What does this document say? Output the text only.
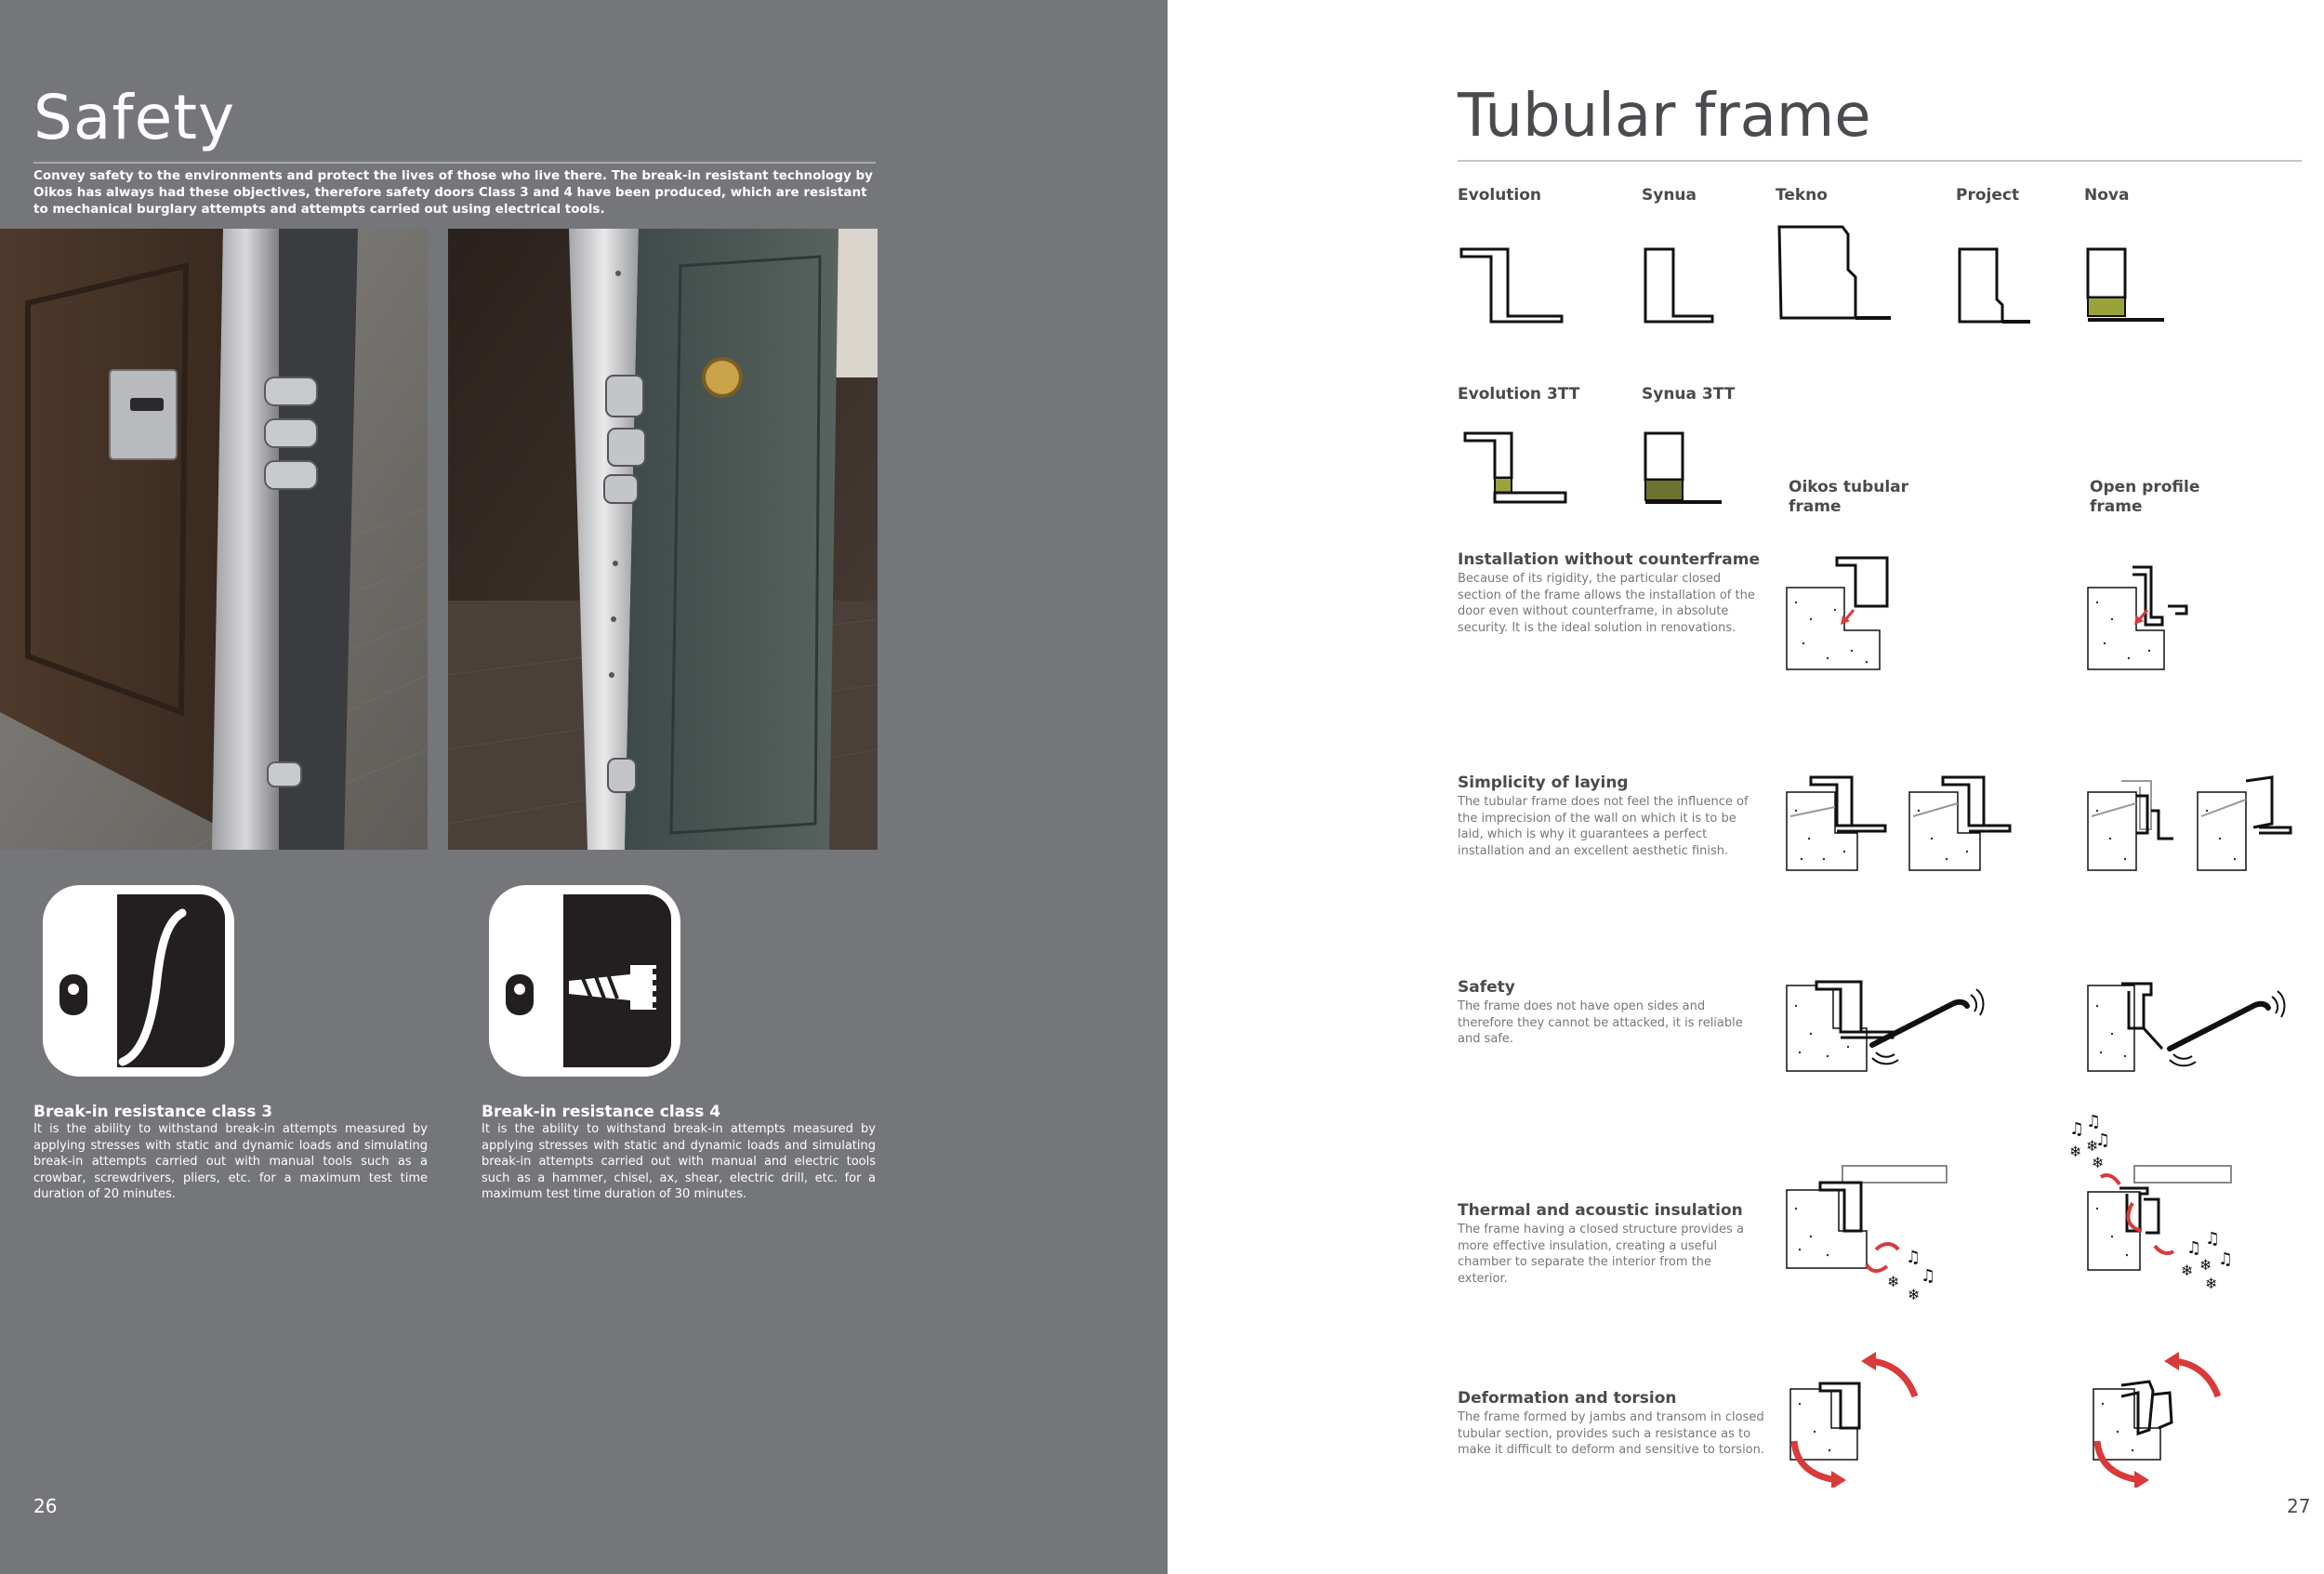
Safety
Convey safety to the environments and protect the lives of those who live there. The break-in resistant technology by Oikos has always had these objectives, therefore safety doors Class 3 and 4 have been produced, which are resistant to mechanical burglary attempts and attempts carried out using electrical tools.
Break-in resistance class 3
It is the ability to withstand break-in attempts measured by applying stresses with static and dynamic loads and simulating break-in attempts carried out with manual tools such as a crowbar, screwdrivers, pliers, etc. for a maximum test time duration of 20 minutes.
Break-in resistance class 4
It is the ability to withstand break-in attempts measured by applying stresses with static and dynamic loads and simulating break-in attempts carried out with manual and electric tools such as a hammer, chisel, ax, shear, electric drill, etc. for a maximum test time duration of 30 minutes.
26
Tubular frame
Evolution	Synua	Tekno	Project	Nova
Evolution 3TT	Synua 3TT
Oikos tubular frame
Open profile frame
Installation without counterframe
Because of its rigidity, the particular closed section of the frame allows the installation of the door even without counterframe, in absolute security. It is the ideal solution in renovations.
Simplicity of laying
The tubular frame does not feel the influence of the imprecision of the wall on which it is to be laid, which is why it guarantees a perfect installation and an excellent aesthetic finish.
Safety
The frame does not have open sides and therefore they cannot be attacked, it is reliable and safe.
Thermal and acoustic insulation
The frame having a closed structure provides a more effective insulation, creating a useful chamber to separate the interior from the exterior.
♫
♫
❄
❄
♫ ♫
♫
❄ ❄
❄
♫ ♫
♫
❄ ❄
❄
Deformation and torsion
The frame formed by jambs and transom in closed tubular section, provides such a resistance as to make it difficult to deform and sensitive to torsion.
27
